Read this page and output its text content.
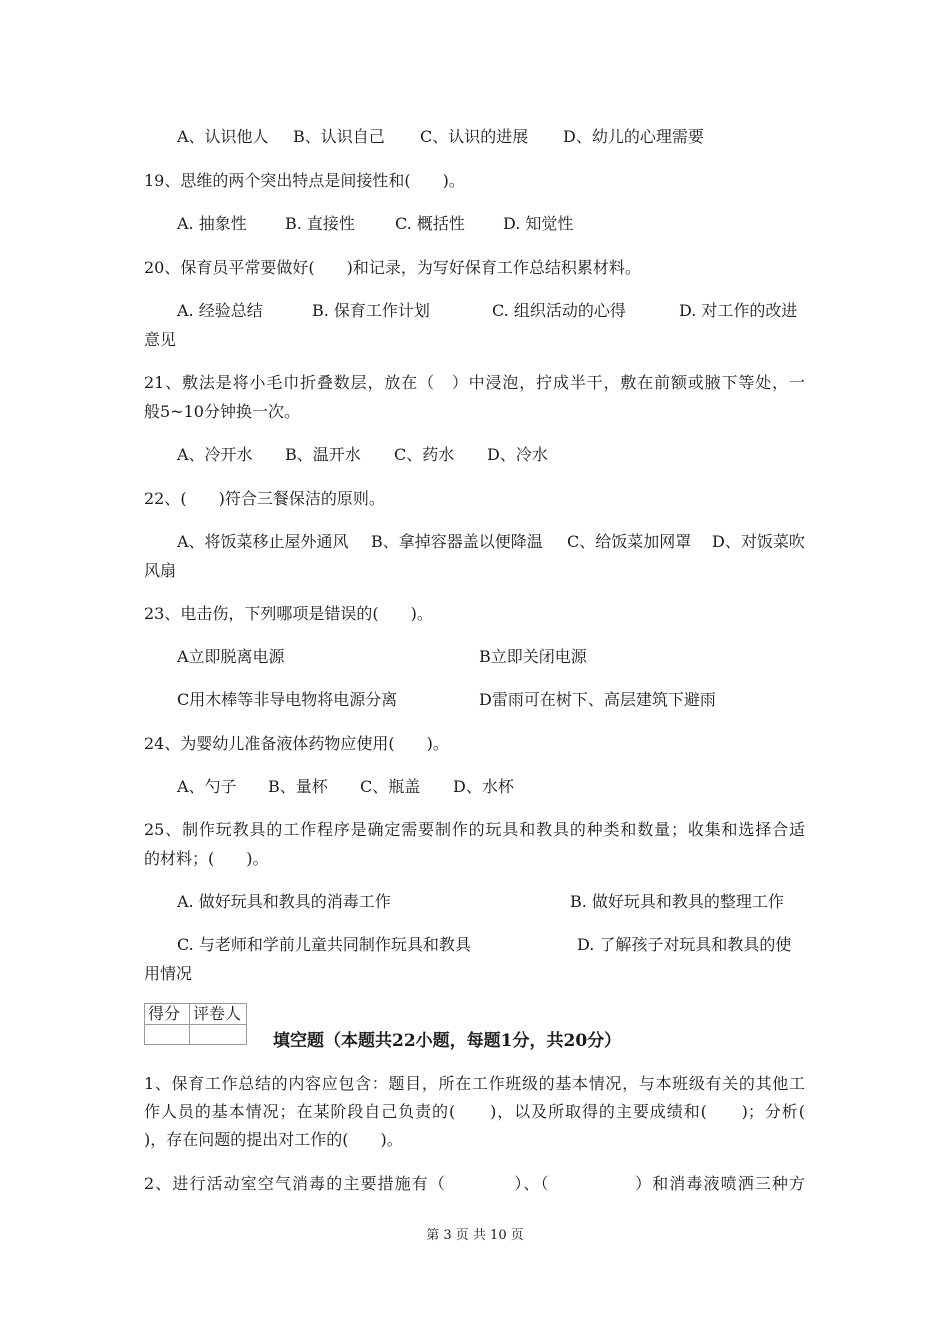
A、认识他人 B、认识自己 C、认识的进展 D、幼儿的心理需要
19、思维的两个突出特点是间接性和(　　)。
A. 抽象性 B. 直接性	C. 概括性 D. 知觉性
20、保育员平常要做好(　　)和记录，为写好保育工作总结积累材料。
A. 经验总结	B. 保育工作计划	C. 组织活动的心得	D. 对工作的改进
意见
21、敷法是将小毛巾折叠数层，放在（　）中浸泡，拧成半干，敷在前额或腋下等处，一
般5~10分钟换一次。
A、冷开水 B、温开水 C、药水 D、冷水
22、(　　)符合三餐保洁的原则。
A、将饭菜移止屋外通风 B、拿掉容器盖以便降温 C、给饭菜加网罩 D、对饭菜吹
风扇
23、电击伤，下列哪项是错误的(　　)。
A立即脱离电源	B立即关闭电源
C用木棒等非导电物将电源分离	D雷雨可在树下、高层建筑下避雨
24、为婴幼儿准备液体药物应使用(　　)。
A、勺子 B、量杯 C、瓶盖 D、水杯
25、制作玩教具的工作程序是确定需要制作的玩具和教具的种类和数量；收集和选择合适
的材料；(　　)。
A. 做好玩具和教具的消毒工作	B. 做好玩具和教具的整理工作
C. 与老师和学前儿童共同制作玩具和教具	D. 了解孩子对玩具和教具的使
用情况
得分	评卷人

填空题（本题共22小题，每题1分，共20分）
1、保育工作总结的内容应包含：题目，所在工作班级的基本情况，与本班级有关的其他工
作人员的基本情况；在某阶段自己负责的(　　)，以及所取得的主要成绩和(　　)；分析(
)，存在问题的提出对工作的(　　)。
2、进行活动室空气消毒的主要措施有（　　　　）、（　　　　　）和消毒液喷洒三种方
第 3 页 共 10 页
